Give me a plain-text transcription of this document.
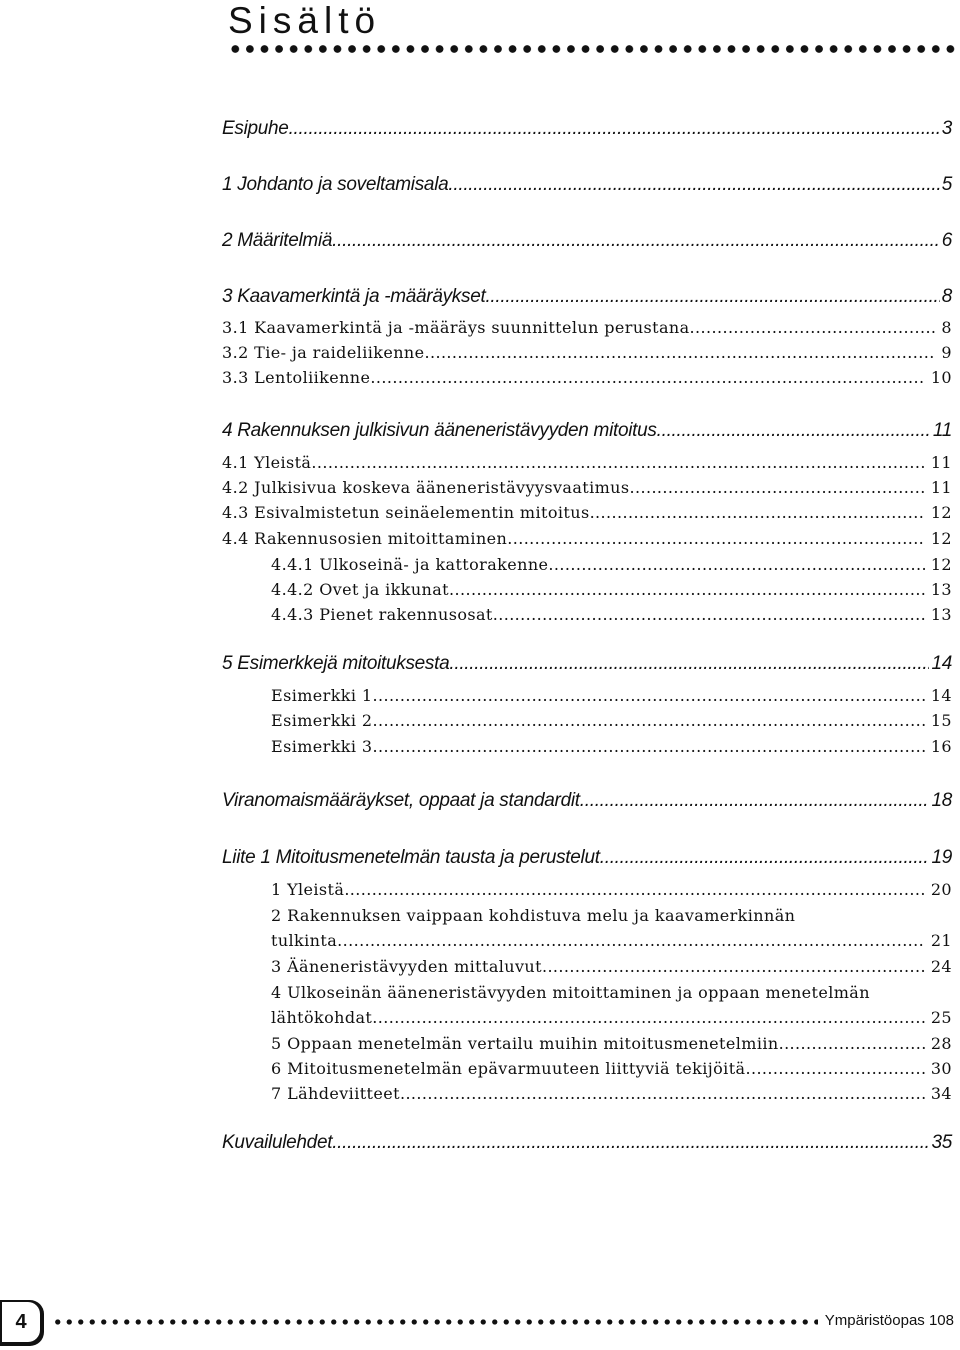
Sisältö
Esipuhe .....	3
1 Johdanto ja soveltamisala .....	5
2 Määritelmiä .....	6
3 Kaavamerkintä ja -määräykset .....	8
3.1 Kaavamerkintä ja -määräys suunnittelun perustana .....	8
3.2 Tie- ja raideliikenne .....	9
3.3 Lentoliikenne .....	10
4 Rakennuksen julkisivun ääneneristävyyden mitoitus .....	11
4.1 Yleistä .....	11
4.2 Julkisivua koskeva ääneneristävyysvaatimus .....	11
4.3 Esivalmistetun seinäelementin mitoitus .....	12
4.4 Rakennusosien mitoittaminen .....	12
4.4.1 Ulkoseinä- ja kattorakenne .....	12
4.4.2 Ovet ja ikkunat .....	13
4.4.3 Pienet rakennusosat .....	13
5 Esimerkkejä mitoituksesta .....	14
Esimerkki 1 .....	14
Esimerkki 2 .....	15
Esimerkki 3 .....	16
Viranomaismääräykset, oppaat ja standardit .....	18
Liite 1 Mitoitusmenetelmän tausta ja perustelut .....	19
1 Yleistä .....	20
2 Rakennuksen vaippaan kohdistuva melu ja kaavamerkinnän
tulkinta .....	21
3 Ääneneristävyyden mittaluvut .....	24
4 Ulkoseinän ääneneristävyyden mitoittaminen ja oppaan menetelmän
lähtökohdat .....	25
5 Oppaan menetelmän vertailu muihin mitoitusmenetelmiin .....	28
6 Mitoitusmenetelmän epävarmuuteen liittyviä tekijöitä .....	30
7 Lähdeviitteet .....	34
Kuvailulehdet .....	35
4	Ympäristöopas 108
